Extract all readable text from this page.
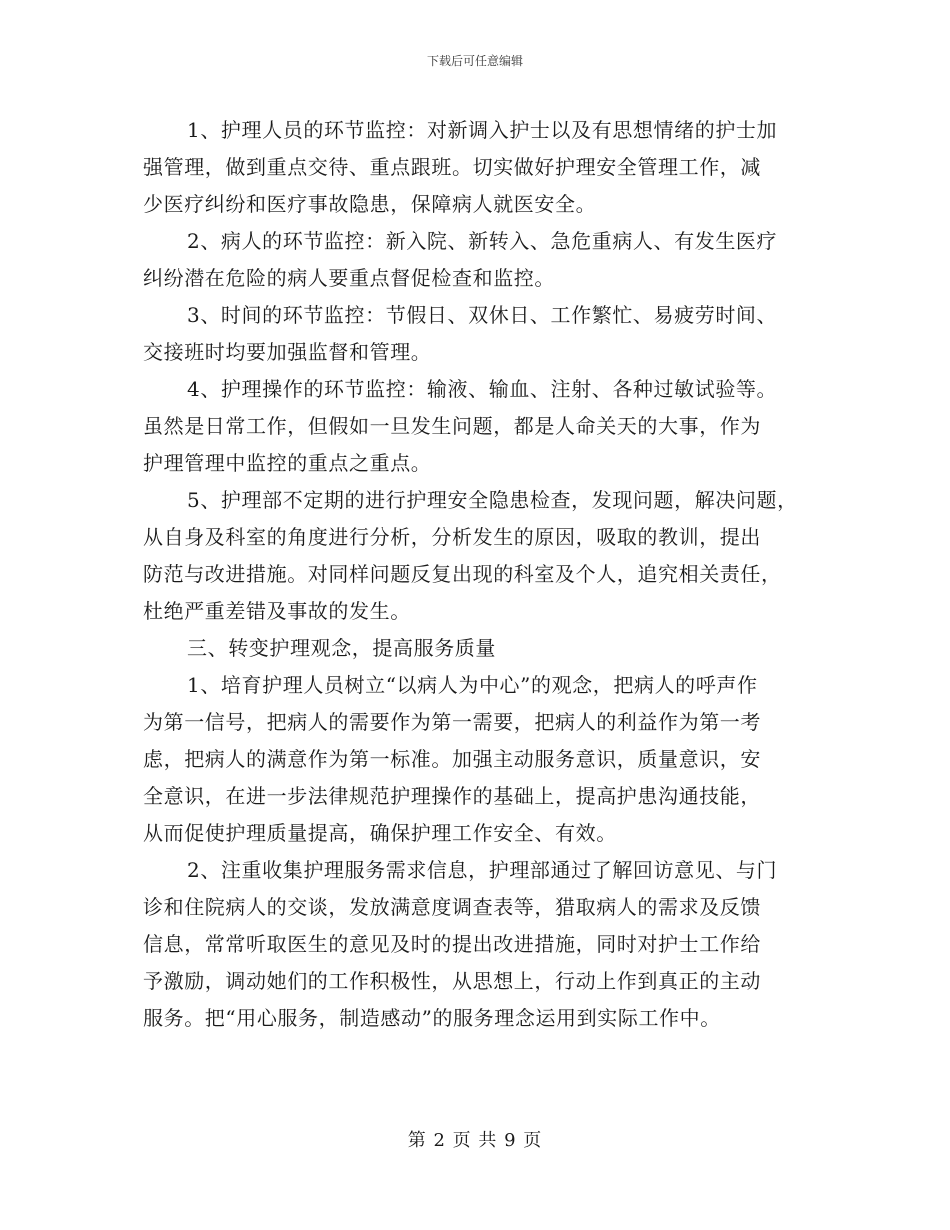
下载后可任意编辑
1、护理人员的环节监控：对新调入护士以及有思想情绪的护士加
强管理，做到重点交待、重点跟班。切实做好护理安全管理工作，减
少医疗纠纷和医疗事故隐患，保障病人就医安全。
2、病人的环节监控：新入院、新转入、急危重病人、有发生医疗
纠纷潜在危险的病人要重点督促检查和监控。
3、时间的环节监控：节假日、双休日、工作繁忙、易疲劳时间、
交接班时均要加强监督和管理。
4、护理操作的环节监控：输液、输血、注射、各种过敏试验等。
虽然是日常工作，但假如一旦发生问题，都是人命关天的大事，作为
护理管理中监控的重点之重点。
5、护理部不定期的进行护理安全隐患检查，发现问题，解决问题，
从自身及科室的角度进行分析，分析发生的原因，吸取的教训，提出
防范与改进措施。对同样问题反复出现的科室及个人，追究相关责任，
杜绝严重差错及事故的发生。
三、转变护理观念，提高服务质量
1、培育护理人员树立“以病人为中心”的观念，把病人的呼声作
为第一信号，把病人的需要作为第一需要，把病人的利益作为第一考
虑，把病人的满意作为第一标准。加强主动服务意识，质量意识，安
全意识，在进一步法律规范护理操作的基础上，提高护患沟通技能，
从而促使护理质量提高，确保护理工作安全、有效。
2、注重收集护理服务需求信息，护理部通过了解回访意见、与门
诊和住院病人的交谈，发放满意度调查表等，猎取病人的需求及反馈
信息，常常听取医生的意见及时的提出改进措施，同时对护士工作给
予激励，调动她们的工作积极性，从思想上，行动上作到真正的主动
服务。把“用心服务，制造感动”的服务理念运用到实际工作中。
第 2 页 共 9 页
